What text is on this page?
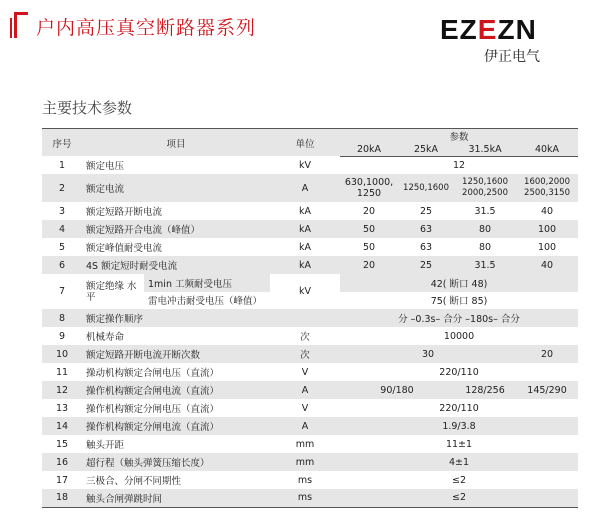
户内高压真空断路器系列	EZEZN
伊正电气
主要技术参数
序号	项目		单位	参数			
				20kA	25kA	31.5kA	40kA
1	额定电压		kV	12			
2	额定电流		A	630,1000, 1250	1250,1600	1250,1600 2000,2500	1600,2000 2500,3150
3	额定短路开断电流		kA	20	25	31.5	40
4	额定短路开合电流（峰值）		kA	50	63	80	100
5	额定峰值耐受电流		kA	50	63	80	100
6	4S 额定短时耐受电流		kA	20	25	31.5	40
7	额定绝缘 水平	1min 工频耐受电压	kV	42( 断口 48)			
		雷电冲击耐受电压（峰值）		75( 断口 85)			
8	额定操作顺序			分 –0.3s– 合分 –180s– 合分			
9	机械寿命		次	10000			
10	额定短路开断电流开断次数		次	30			20
11	操动机构额定合闸电压（直流）		V	220/110			
12	操作机构额定合闸电流（直流）		A	90/180		128/256	145/290
13	操作机构额定分闸电压（直流）		V	220/110			
14	操作机构额定分闸电流（直流）		A	1.9/3.8			
15	触头开距		mm	11±1			
16	超行程（触头弹簧压缩长度）		mm	4±1			
17	三极合、分闸不同期性		ms	≤2			
18	触头合闸弹跳时间		ms	≤2			
